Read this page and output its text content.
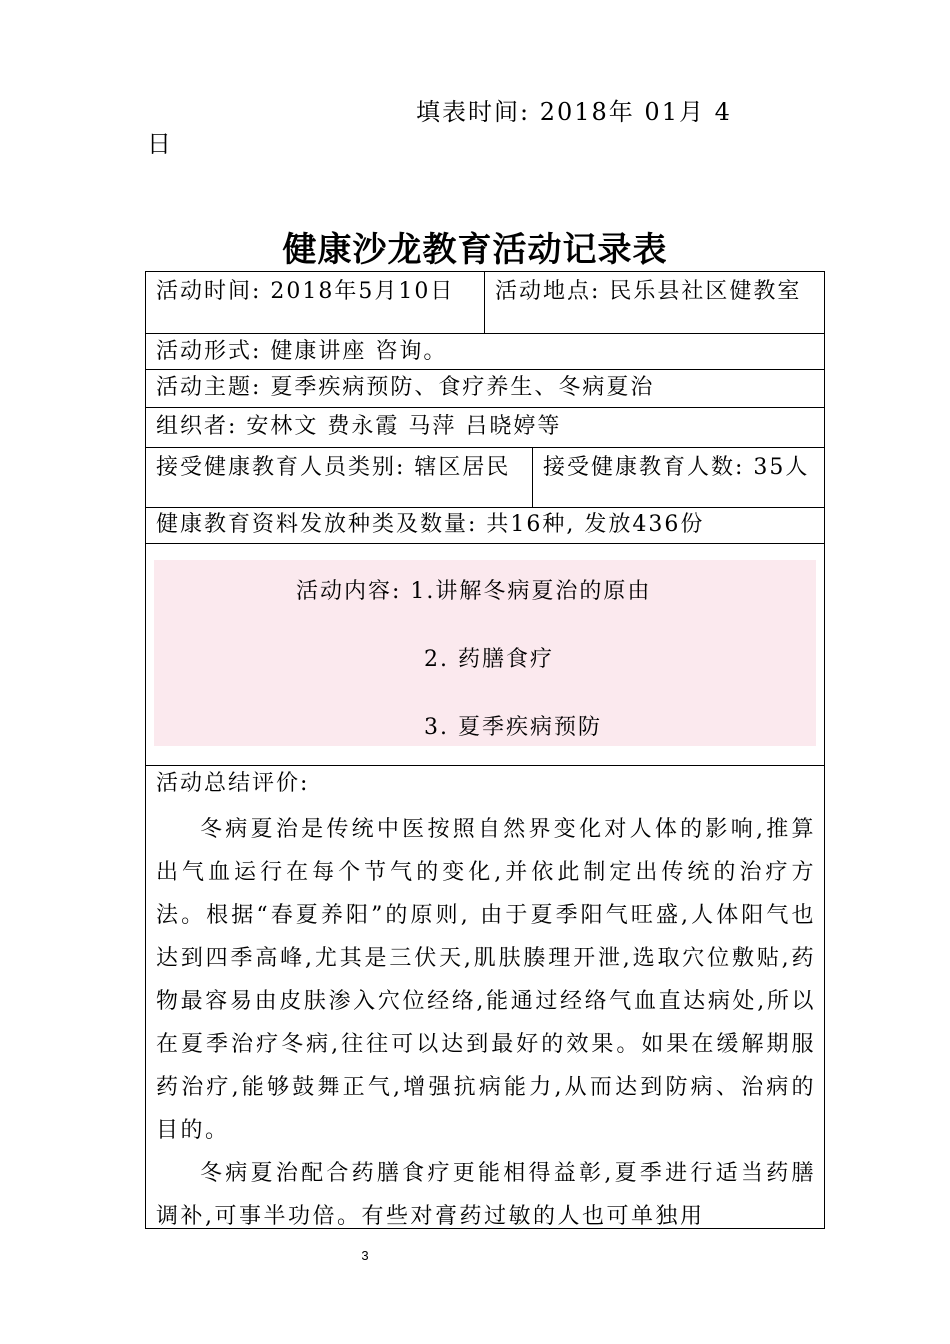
填表时间: 2018年 01月 4
日
健康沙龙教育活动记录表
活动时间: 2018年5月10日	活动地点: 民乐县社区健教室
活动形式: 健康讲座 咨询。
活动主题: 夏季疾病预防、食疗养生、冬病夏治
组织者: 安林文 费永霞 马萍 吕晓婷等
接受健康教育人员类别: 辖区居民	接受健康教育人数: 35人
健康教育资料发放种类及数量: 共16种, 发放436份
活动内容: 1.讲解冬病夏治的原由
2. 药膳食疗
3. 夏季疾病预防
活动总结评价:
冬病夏治是传统中医按照自然界变化对人体的影响,推算出气血运行在每个节气的变化,并依此制定出传统的治疗方法。根据“春夏养阳”的原则, 由于夏季阳气旺盛,人体阳气也达到四季高峰,尤其是三伏天,肌肤腠理开泄,选取穴位敷贴,药物最容易由皮肤渗入穴位经络,能通过经络气血直达病处,所以在夏季治疗冬病,往往可以达到最好的效果。如果在缓解期服药治疗,能够鼓舞正气,增强抗病能力,从而达到防病、治病的目的。
冬病夏治配合药膳食疗更能相得益彰,夏季进行适当药膳调补,可事半功倍。有些对膏药过敏的人也可单独用
3
